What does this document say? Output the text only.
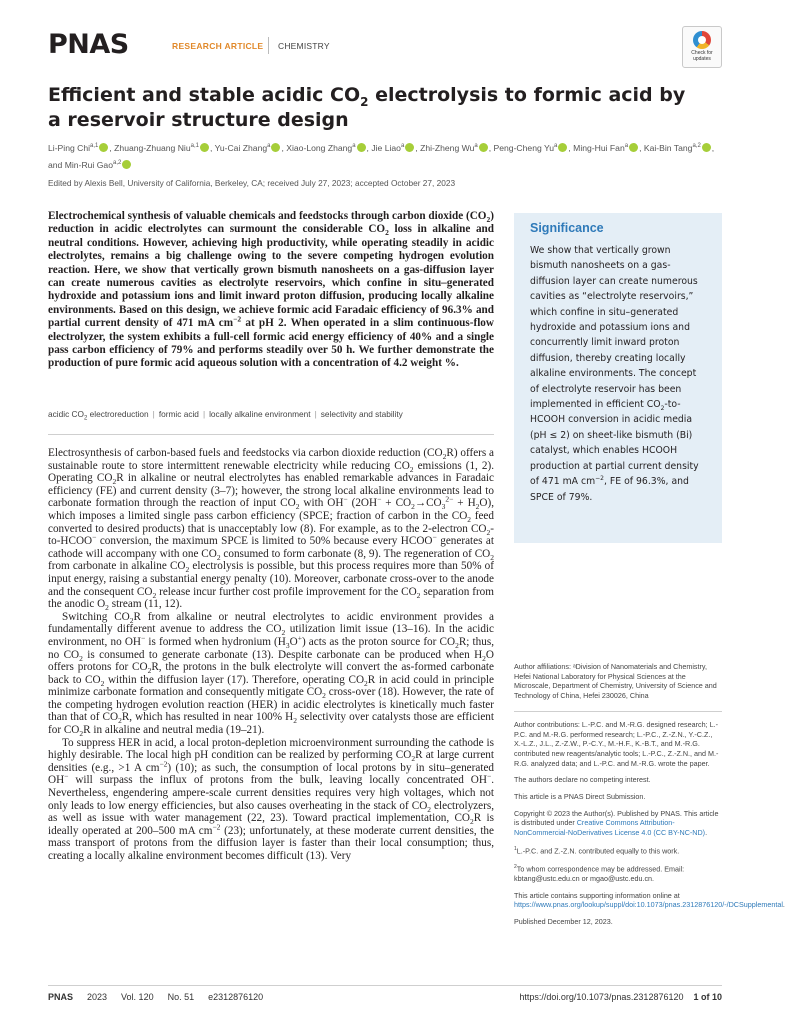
PNAS	RESEARCH ARTICLE CHEMISTRY
Check for updates
Efficient and stable acidic $CO_2$ electrolysis to formic acid by
a reservoir structure design
Li-Ping Chi$^{a,1}$ , Zhuang-Zhuang Niu$^{a,1}$ , Yu-Cai Zhang$^a$ , Xiao-Long Zhang$^a$ , Jie Liao$^a$ , Zhi-Zheng Wu$^a$ , Peng-Cheng Yu$^a$ , Ming-Hui Fan$^a$ , Kai-Bin Tang$^{a,2}$ , and Min-Rui Gao$^{a,2}$
Edited by Alexis Bell, University of California, Berkeley, CA; received July 27, 2023; accepted October 27, 2023
Electrochemical synthesis of valuable chemicals and feedstocks through carbon dioxide $(CO_2)$ reduction in acidic electrolytes can surmount the considerable $CO_2$ loss in alkaline and neutral conditions. However, achieving high productivity, while operating steadily in acidic electrolytes, remains a big challenge owing to the severe competing hydrogen evolution reaction. Here, we show that vertically grown bismuth nanosheets on a gas-diffusion layer can create numerous cavities as electrolyte reservoirs, which confine in situ–generated hydroxide and potassium ions and limit inward proton diffusion, producing locally alkaline environments. Based on this design, we achieve formic acid Faradaic efficiency of 96.3% and partial current density of 471 mA $cm^{-2}$ at pH 2. When operated in a slim continuous-flow electrolyzer, the system exhibits a full-cell formic acid energy efficiency of 40% and a single pass carbon efficiency of 79% and performs steadily over 50 h. We further demonstrate the production of pure formic acid aqueous solution with a concentration of 4.2 weight %.
acidic $CO_2$ electroreduction | formic acid | locally alkaline environment | selectivity and stability

Electrosynthesis of carbon-based fuels and feedstocks via carbon dioxide reduction $(CO_2R)$ offers a sustainable route to store intermittent renewable electricity while reducing $CO_2$ emissions (1, 2). Operating $CO_2R$ in alkaline or neutral electrolytes has enabled remarkable advances in Faradaic efficiency (FE) and current density (3–7); however, the strong local alkaline environments lead to carbonate formation through the reaction of input $CO_2$ with OH− $(2OH^- + CO_2\to CO_3^{2-} + H_2O)$, which imposes a limited single pass carbon efficiency (SPCE; fraction of carbon in the $CO_2$ feed converted to desired products) that is unacceptably low (8). For example, as to the 2-electron $CO_2-to-HCOO^-$ conversion, the maximum SPCE is limited to 50% because every HCOO− generates at cathode will accompany with one $CO_2$ consumed to form carbonate (8, 9). The regeneration of $CO_2$ from carbonate in alkaline $CO_2$ electrolysis is possible, but this process requires more than 50% of input energy, raising a substantial energy penalty (10). Moreover, carbonate cross-over to the anode and the consequent $CO_2$ release incur further cost profile improvement for the $CO_2$ separation from the anodic $O_2$ stream (11, 12).

Switching $CO_2R$ from alkaline or neutral electrolytes to acidic environment provides a fundamentally different avenue to address the $CO_2$ utilization limit issue (13–16). In the acidic environment, no OH− is formed when hydronium $(H_3O^+)$ acts as the proton source for $CO_2R$; thus, no $CO_2$ is consumed to generate carbonate (13). Despite carbonate can be produced when $H_2O$ offers protons for $CO_2R$, the protons in the bulk electrolyte will convert the as-formed carbonate back to $CO_2$ within the diffusion layer (17). Therefore, operating $CO_2R$ in acid could in principle minimize carbonate formation and consequently mitigate $CO_2$ cross-over (18). However, the rate of the competing hydrogen evolution reaction (HER) in acidic electrolytes is kinetically much faster than that of $CO_2R$, which has resulted in near 100% $H_2$ selectivity over catalysts those are efficient for $CO_2R$ in alkaline and neutral media (19–21).

To suppress HER in acid, a local proton-depletion microenvironment surrounding the cathode is highly desirable. The local high pH condition can be realized by performing $CO_2R$ at large current densities (e.g., >1 A $cm^{-2}$) (10); as such, the consumption of local protons by in situ–generated OH− will surpass the influx of protons from the bulk, leaving locally concentrated OH−. Nevertheless, engendering ampere-scale current densities requires very high voltages, which not only leads to low energy efficiencies, but also causes overheating in the stack of $CO_2$ electrolyzers, as well as issue with water management (22, 23). Toward practical implementation, $CO_2R$ is ideally operated at 200–500 mA $cm^{-2}$ (23); unfortunately, at these moderate current densities, the mass transport of protons from the diffusion layer is faster than their local consumption; thus, creating a locally alkaline environment becomes difficult (13). Very

Significance
We show that vertically grown bismuth nanosheets on a gas-diffusion layer can create numerous cavities as “electrolyte reservoirs,” which confine in situ–generated hydroxide and potassium ions and concurrently limit inward proton diffusion, thereby creating locally alkaline environments. The concept of electrolyte reservoir has been implemented in efficient $CO_2-to$-HCOOH conversion in acidic media (pH ≤ 2) on sheet-like bismuth (Bi) catalyst, which enables HCOOH production at partial current density of 471 mA $cm^{-2}$, FE of 96.3%, and SPCE of 79%.
Author affiliations: ᵃDivision of Nanomaterials and Chemistry, Hefei National Laboratory for Physical Sciences at the Microscale, Department of Chemistry, University of Science and Technology of China, Hefei 230026, China
Author contributions: L.-P.C. and M.-R.G. designed research; L.-P.C. and M.-R.G. performed research; L.-P.C., Z.-Z.N., Y.-C.Z., X.-L.Z., J.L., Z.-Z.W., P.-C.Y., M.-H.F., K.-B.T., and M.-R.G. contributed new reagents/analytic tools; L.-P.C., Z.-Z.N., and M.-R.G. analyzed data; and L.-P.C. and M.-R.G. wrote the paper.
The authors declare no competing interest.
This article is a PNAS Direct Submission.
Copyright © 2023 the Author(s). Published by PNAS. This article is distributed under Creative Commons Attribution-NonCommercial-NoDerivatives License 4.0 (CC BY-NC-ND).
$^1$L.-P.C. and Z.-Z.N. contributed equally to this work.
$^2$To whom correspondence may be addressed. Email: kbtang@ustc.edu.cn or mgao@ustc.edu.cn.
This article contains supporting information online at https://www.pnas.org/lookup/suppl/doi:10.1073/pnas.2312876120/-/DCSupplemental.
Published December 12, 2023.
PNAS 2023 Vol. 120 No. 51 e2312876120	https://doi.org/10.1073/pnas.2312876120 1 of 10
